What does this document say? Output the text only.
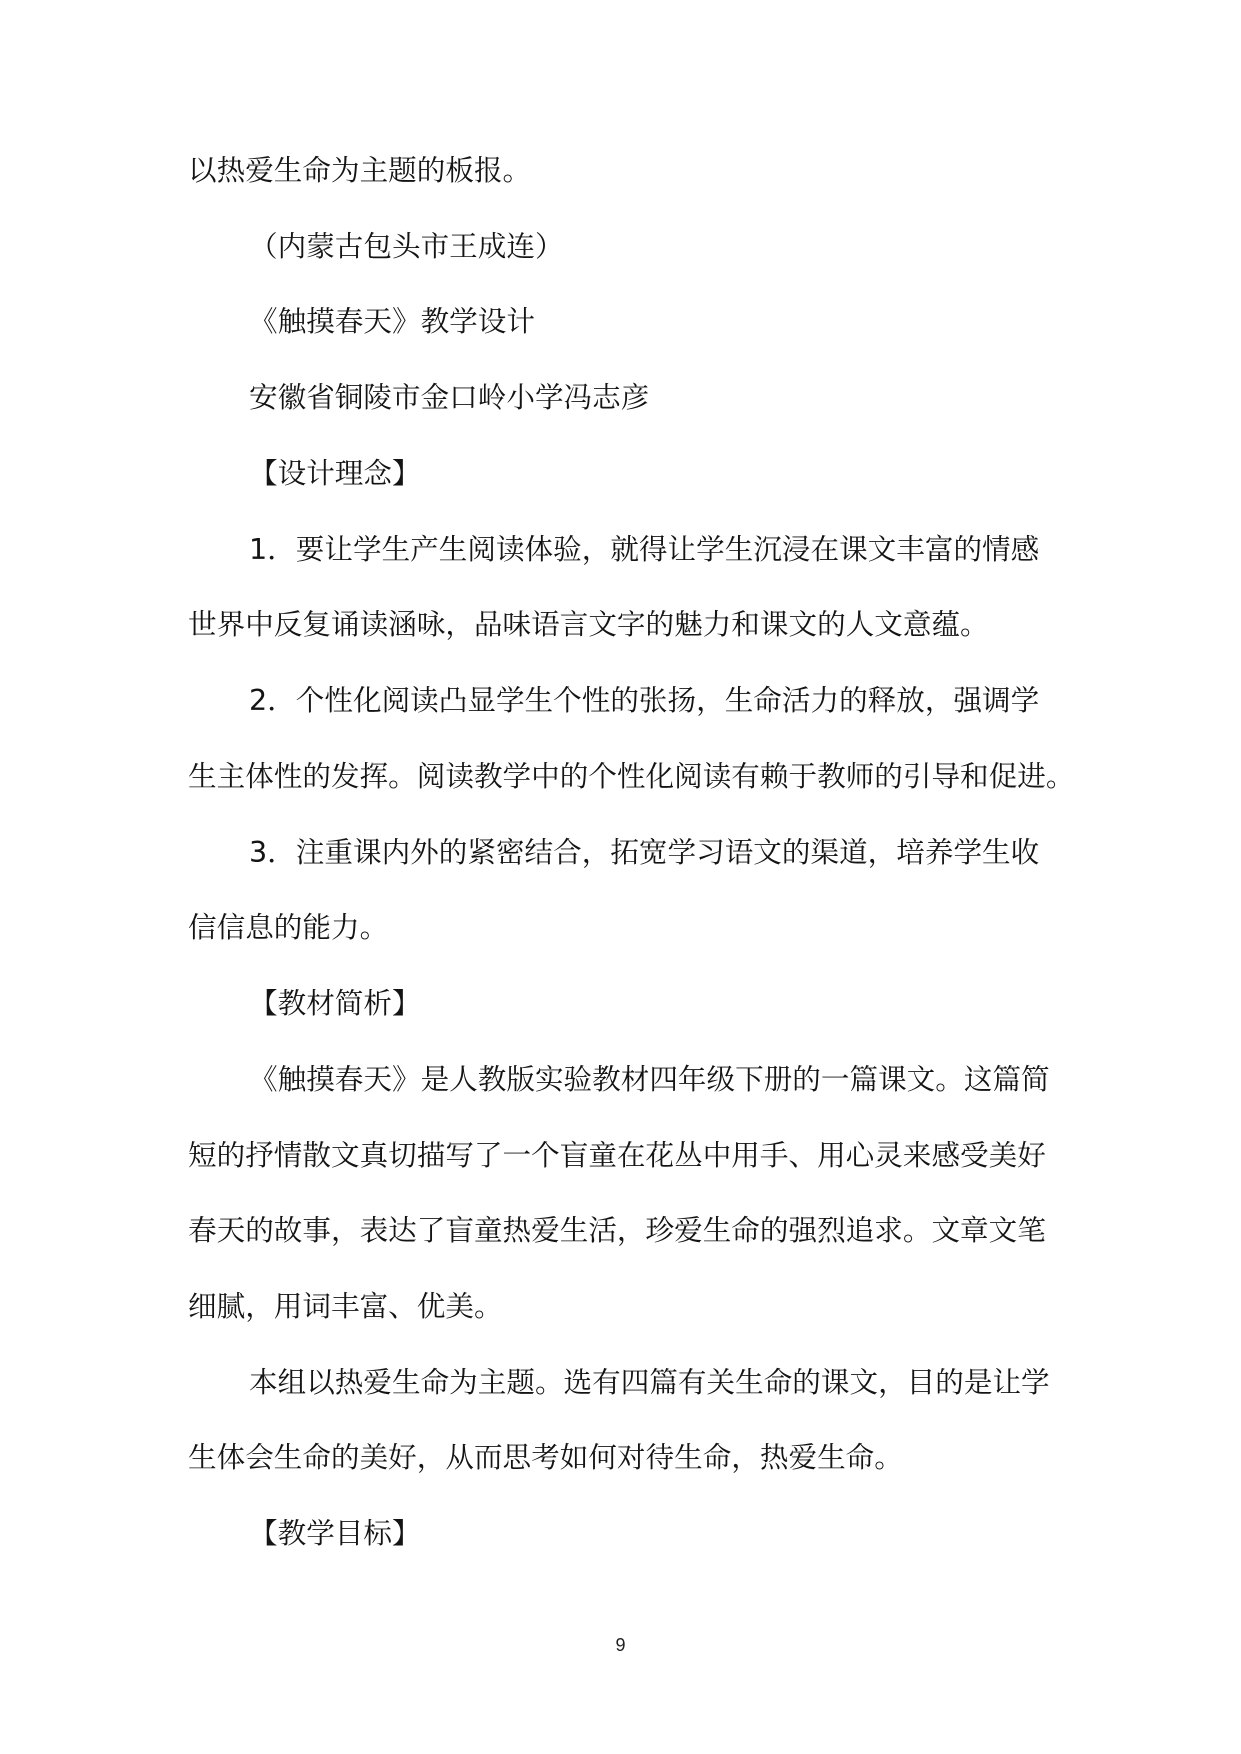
以热爱生命为主题的板报。
（内蒙古包头市王成连）
《触摸春天》教学设计
安徽省铜陵市金口岭小学冯志彦
【设计理念】
1．要让学生产生阅读体验，就得让学生沉浸在课文丰富的情感
世界中反复诵读涵咏，品味语言文字的魅力和课文的人文意蕴。
2．个性化阅读凸显学生个性的张扬，生命活力的释放，强调学
生主体性的发挥。阅读教学中的个性化阅读有赖于教师的引导和促进。
3．注重课内外的紧密结合，拓宽学习语文的渠道，培养学生收
信信息的能力。
【教材简析】
《触摸春天》是人教版实验教材四年级下册的一篇课文。这篇简
短的抒情散文真切描写了一个盲童在花丛中用手、用心灵来感受美好
春天的故事，表达了盲童热爱生活，珍爱生命的强烈追求。文章文笔
细腻，用词丰富、优美。
本组以热爱生命为主题。选有四篇有关生命的课文，目的是让学
生体会生命的美好，从而思考如何对待生命，热爱生命。
【教学目标】
9
